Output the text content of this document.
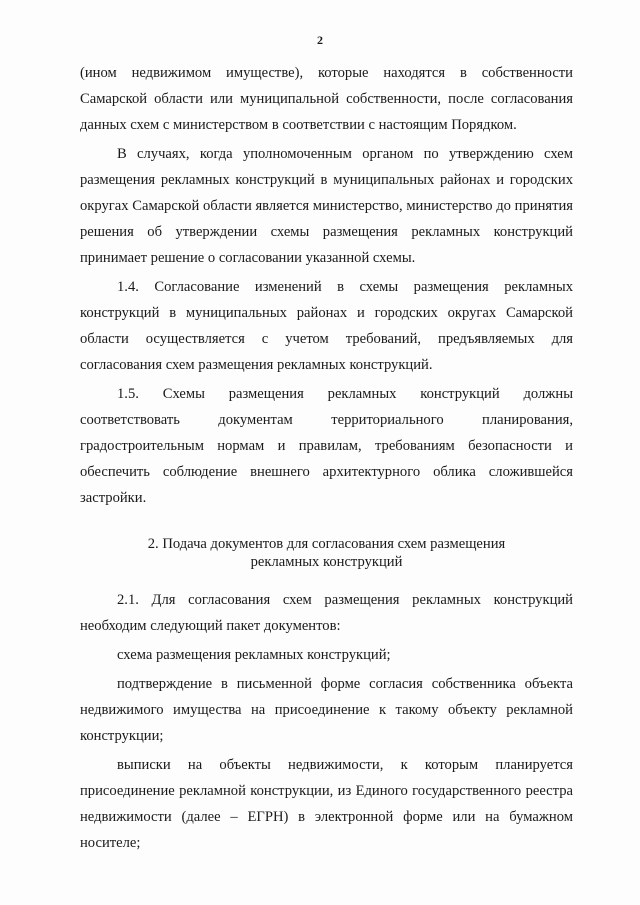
2

(ином недвижимом имуществе), которые находятся в собственности Самарской области или муниципальной собственности, после согласования данных схем с министерством в соответствии с настоящим Порядком.

В случаях, когда уполномоченным органом по утверждению схем размещения рекламных конструкций в муниципальных районах и городских округах Самарской области является министерство, министерство до принятия решения об утверждении схемы размещения рекламных конструкций принимает решение о согласовании указанной схемы.

1.4. Согласование изменений в схемы размещения рекламных конструкций в муниципальных районах и городских округах Самарской области осуществляется с учетом требований, предъявляемых для согласования схем размещения рекламных конструкций.

1.5. Схемы размещения рекламных конструкций должны соответствовать документам территориального планирования, градостроительным нормам и правилам, требованиям безопасности и обеспечить соблюдение внешнего архитектурного облика сложившейся застройки.

2. Подача документов для согласования схем размещения
рекламных конструкций

2.1. Для согласования схем размещения рекламных конструкций необходим следующий пакет документов:

схема размещения рекламных конструкций;

подтверждение в письменной форме согласия собственника объекта недвижимого имущества на присоединение к такому объекту рекламной конструкции;

выписки на объекты недвижимости, к которым планируется присоединение рекламной конструкции, из Единого государственного реестра недвижимости (далее – ЕГРН) в электронной форме или на бумажном носителе;
